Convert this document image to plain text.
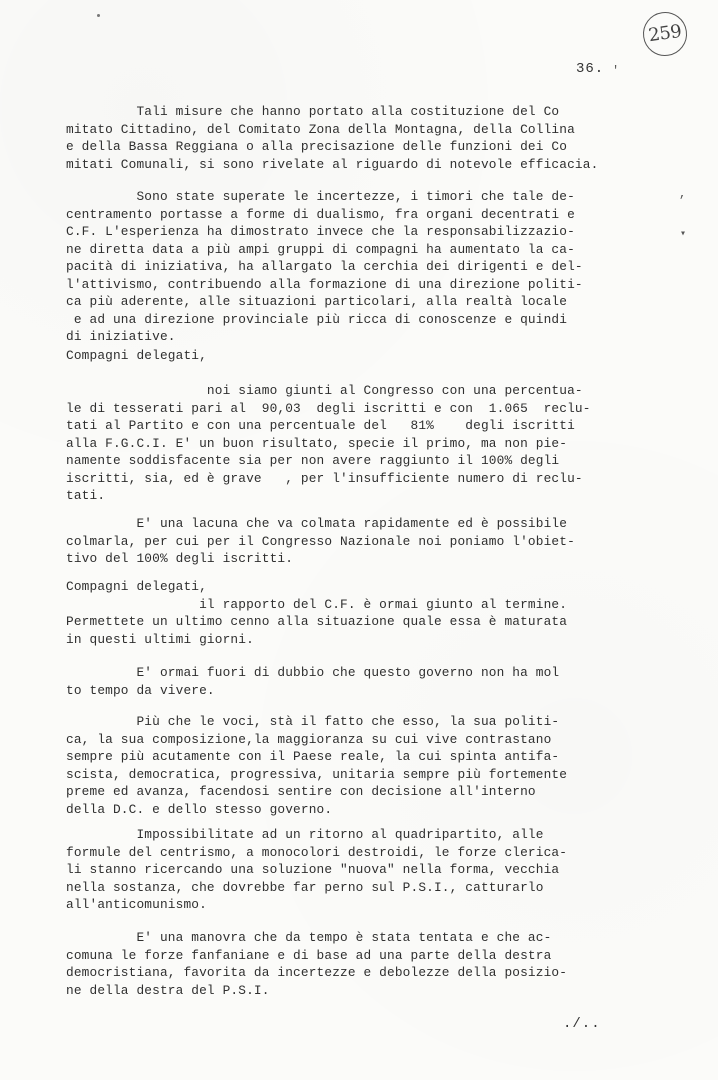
259
36. '
,
▾
Tali misure che hanno portato alla costituzione del Co
mitato Cittadino, del Comitato Zona della Montagna, della Collina
e della Bassa Reggiana o alla precisazione delle funzioni dei Co
mitati Comunali, si sono rivelate al riguardo di notevole efficacia.
Sono state superate le incertezze, i timori che tale de-
centramento portasse a forme di dualismo, fra organi decentrati e
C.F. L'esperienza ha dimostrato invece che la responsabilizzazio-
ne diretta data a più ampi gruppi di compagni ha aumentato la ca-
pacità di iniziativa, ha allargato la cerchia dei dirigenti e del-
l'attivismo, contribuendo alla formazione di una direzione politi-
ca più aderente, alle situazioni particolari, alla realtà locale
e ad una direzione provinciale più ricca di conoscenze e quindi
di iniziative.
Compagni delegati,

noi siamo giunti al Congresso con una percentua-
le di tesserati pari al  90,03  degli iscritti e con  1.065  reclu-
tati al Partito e con una percentuale del   81%    degli iscritti
alla F.G.C.I. E' un buon risultato, specie il primo, ma non pie-
namente soddisfacente sia per non avere raggiunto il 100% degli
iscritti, sia, ed è grave   , per l'insufficiente numero di reclu-
tati.
E' una lacuna che va colmata rapidamente ed è possibile
colmarla, per cui per il Congresso Nazionale noi poniamo l'obiet-
tivo del 100% degli iscritti.
Compagni delegati,
il rapporto del C.F. è ormai giunto al termine.
Permettete un ultimo cenno alla situazione quale essa è maturata
in questi ultimi giorni.
E' ormai fuori di dubbio che questo governo non ha mol
to tempo da vivere.
Più che le voci, stà il fatto che esso, la sua politi-
ca, la sua composizione,la maggioranza su cui vive contrastano
sempre più acutamente con il Paese reale, la cui spinta antifa-
scista, democratica, progressiva, unitaria sempre più fortemente
preme ed avanza, facendosi sentire con decisione all'interno
della D.C. e dello stesso governo.
Impossibilitate ad un ritorno al quadripartito, alle
formule del centrismo, a monocolori destroidi, le forze clerica-
li stanno ricercando una soluzione "nuova" nella forma, vecchia
nella sostanza, che dovrebbe far perno sul P.S.I., catturarlo
all'anticomunismo.
E' una manovra che da tempo è stata tentata e che ac-
comuna le forze fanfaniane e di base ad una parte della destra
democristiana, favorita da incertezze e debolezze della posizio-
ne della destra del P.S.I.
./..
